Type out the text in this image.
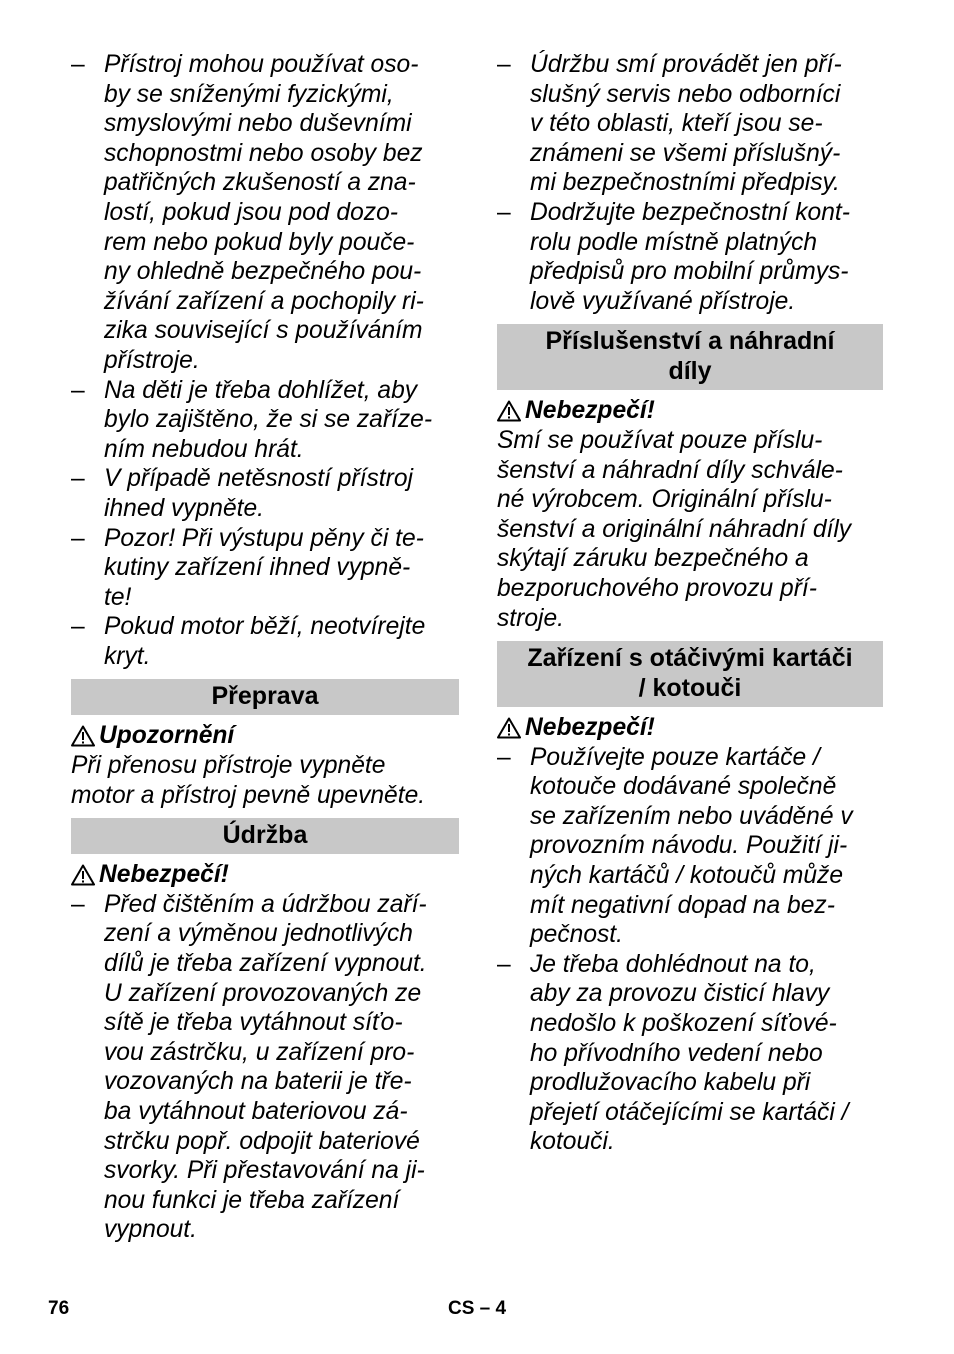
– Přístroj mohou používat oso-
by se sníženými fyzickými,
smyslovými nebo duševními
schopnostmi nebo osoby bez
patřičných zkušeností a zna-
lostí, pokud jsou pod dozo-
rem nebo pokud byly pouče-
ny ohledně bezpečného pou-
žívání zařízení a pochopily ri-
zika související s používáním
přístroje.
– Na děti je třeba dohlížet, aby
bylo zajištěno, že si se zaříze-
ním nebudou hrát.
– V případě netěsností přístroj
ihned vypněte.
– Pozor! Při výstupu pěny či te-
kutiny zařízení ihned vypně-
te!
– Pokud motor běží, neotvírejte
kryt.
Přeprava
Upozornění
Při přenosu přístroje vypněte
motor a přístroj pevně upevněte.
Údržba
Nebezpečí!
– Před čištěním a údržbou zaří-
zení a výměnou jednotlivých
dílů je třeba zařízení vypnout.
U zařízení provozovaných ze
sítě je třeba vytáhnout síťo-
vou zástrčku, u zařízení pro-
vozovaných na baterii je tře-
ba vytáhnout bateriovou zá-
strčku popř. odpojit bateriové
svorky. Při přestavování na ji-
nou funkci je třeba zařízení
vypnout.
– Údržbu smí provádět jen pří-
slušný servis nebo odborníci
v této oblasti, kteří jsou se-
známeni se všemi příslušný-
mi bezpečnostními předpisy.
– Dodržujte bezpečnostní kont-
rolu podle místně platných
předpisů pro mobilní průmys-
lově využívané přístroje.
Příslušenství a náhradní
díly
Nebezpečí!
Smí se používat pouze příslu-
šenství a náhradní díly schvále-
né výrobcem. Originální příslu-
šenství a originální náhradní díly
skýtají záruku bezpečného a
bezporuchového provozu pří-
stroje.
Zařízení s otáčivými kartáči
/ kotouči
Nebezpečí!
– Používejte pouze kartáče /
kotouče dodávané společně
se zařízením nebo uváděné v
provozním návodu. Použití ji-
ných kartáčů / kotoučů může
mít negativní dopad na bez-
pečnost.
– Je třeba dohlédnout na to,
aby za provozu čisticí hlavy
nedošlo k poškození síťové-
ho přívodního vedení nebo
prodlužovacího kabelu při
přejetí otáčejícími se kartáči /
kotouči.
76	CS – 4
